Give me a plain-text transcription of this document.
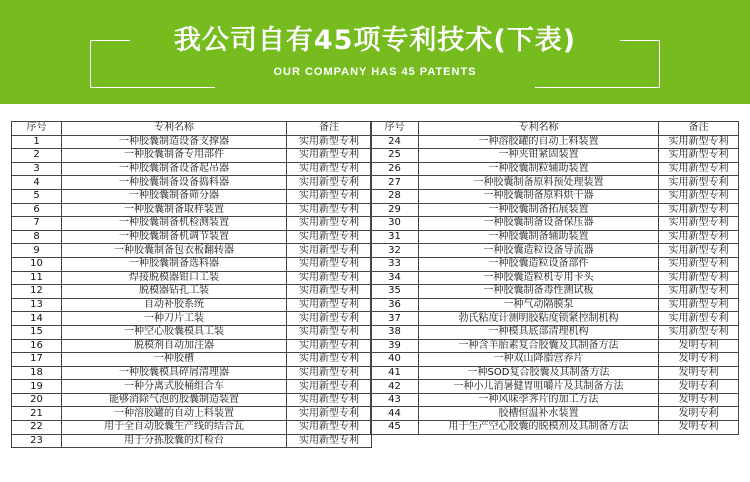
我公司自有45项专利技术(下表)
OUR COMPANY HAS 45 PATENTS
序号	专利名称	备注
1	一种胶囊制造设备支撑器	实用新型专利
2	一种胶囊制备专用部件	实用新型专利
3	一种胶囊制备设备起吊器	实用新型专利
4	一种胶囊制备设备捣料器	实用新型专利
5	一种胶囊制备筛分器	实用新型专利
6	一种胶囊制备取样装置	实用新型专利
7	一种胶囊制备机检测装置	实用新型专利
8	一种胶囊制备机调节装置	实用新型专利
9	一种胶囊制备包衣板翻转器	实用新型专利
10	一种胶囊制备选料器	实用新型专利
11	焊接脱模器钳口工装	实用新型专利
12	脱模器钻孔工装	实用新型专利
13	自动补胶系统	实用新型专利
14	一种刀片工装	实用新型专利
15	一种空心胶囊模具工装	实用新型专利
16	脱模剂自动加注器	实用新型专利
17	一种胶槽	实用新型专利
18	一种胶囊模具碎屑清理器	实用新型专利
19	一种分离式胶桶组合车	实用新型专利
20	能够消除气泡的胶囊制造装置	实用新型专利
21	一种溶胶罐的自动上料装置	实用新型专利
22	用于全自动胶囊生产线的结合瓦	实用新型专利
23	用于分拣胶囊的灯检台	实用新型专利
序号	专利名称	备注
24	一种溶胶罐的自动上料装置	实用新型专利
25	一种夹钳紧固装置	实用新型专利
26	一种胶囊制粒辅助装置	实用新型专利
27	一种胶囊制备原料预处理装置	实用新型专利
28	一种胶囊制备原料烘干器	实用新型专利
29	一种胶囊制备拓展装置	实用新型专利
30	一种胶囊制备设备保压器	实用新型专利
31	一种胶囊制备辅助装置	实用新型专利
32	一种胶囊造粒设备导流器	实用新型专利
33	一种胶囊造粒设备部件	实用新型专利
34	一种胶囊造粒机专用卡头	实用新型专利
35	一种胶囊制备毒性测试板	实用新型专利
36	一种气动隔膜泵	实用新型专利
37	勃氏粘度计测明胶粘度锁紧控制机构	实用新型专利
38	一种模具底部清理机构	实用新型专利
39	一种含羊胎素复合胶囊及其制备方法	发明专利
40	一种双山降脂营养片	发明专利
41	一种SOD复合胶囊及其制备方法	发明专利
42	一种小儿消暑健胃咀嚼片及其制备方法	发明专利
43	一种风味荸荠片的加工方法	发明专利
44	胶槽恒温补水装置	发明专利
45	用于生产空心胶囊的脱模剂及其制备方法	发明专利
